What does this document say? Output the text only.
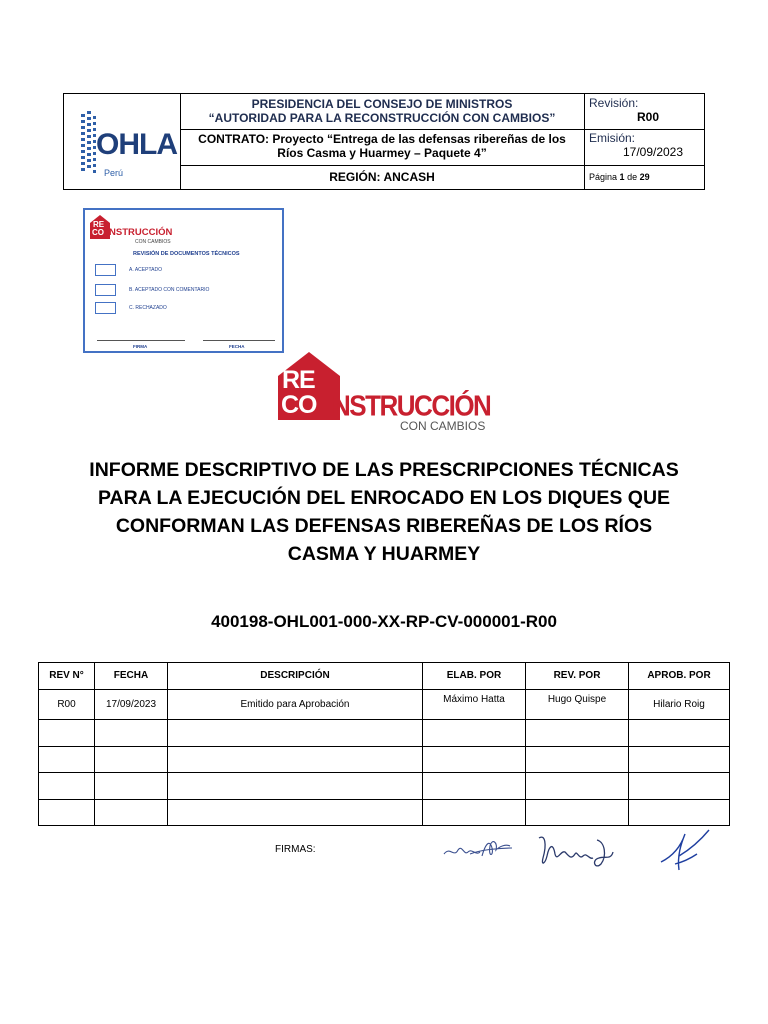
OHLA
Perú
PRESIDENCIA DEL CONSEJO DE MINISTROS
“AUTORIDAD PARA LA RECONSTRUCCIÓN CON CAMBIOS”
CONTRATO: Proyecto “Entrega de las defensas ribereñas de los
Ríos Casma y Huarmey – Paquete 4”
REGIÓN: ANCASH
Revisión:
R00
Emisión:
17/09/2023
Página 1 de 29
RE
CO NSTRUCCIÓN
CON CAMBIOS
REVISIÓN DE DOCUMENTOS TÉCNICOS
A. ACEPTADO
B. ACEPTADO CON COMENTARIO
C. RECHAZADO
FIRMA	FECHA
RE
CO NSTRUCCIÓN
CON CAMBIOS
INFORME DESCRIPTIVO DE LAS PRESCRIPCIONES TÉCNICAS
PARA LA EJECUCIÓN DEL ENROCADO EN LOS DIQUES QUE
CONFORMAN LAS DEFENSAS RIBEREÑAS DE LOS RÍOS
CASMA Y HUARMEY
400198-OHL001-000-XX-RP-CV-000001-R00
REV N°	FECHA	DESCRIPCIÓN	ELAB. POR	REV. POR	APROB. POR
R00	17/09/2023	Emitido para Aprobación	Máximo Hatta	Hugo Quispe	Hilario Roig

FIRMAS:
